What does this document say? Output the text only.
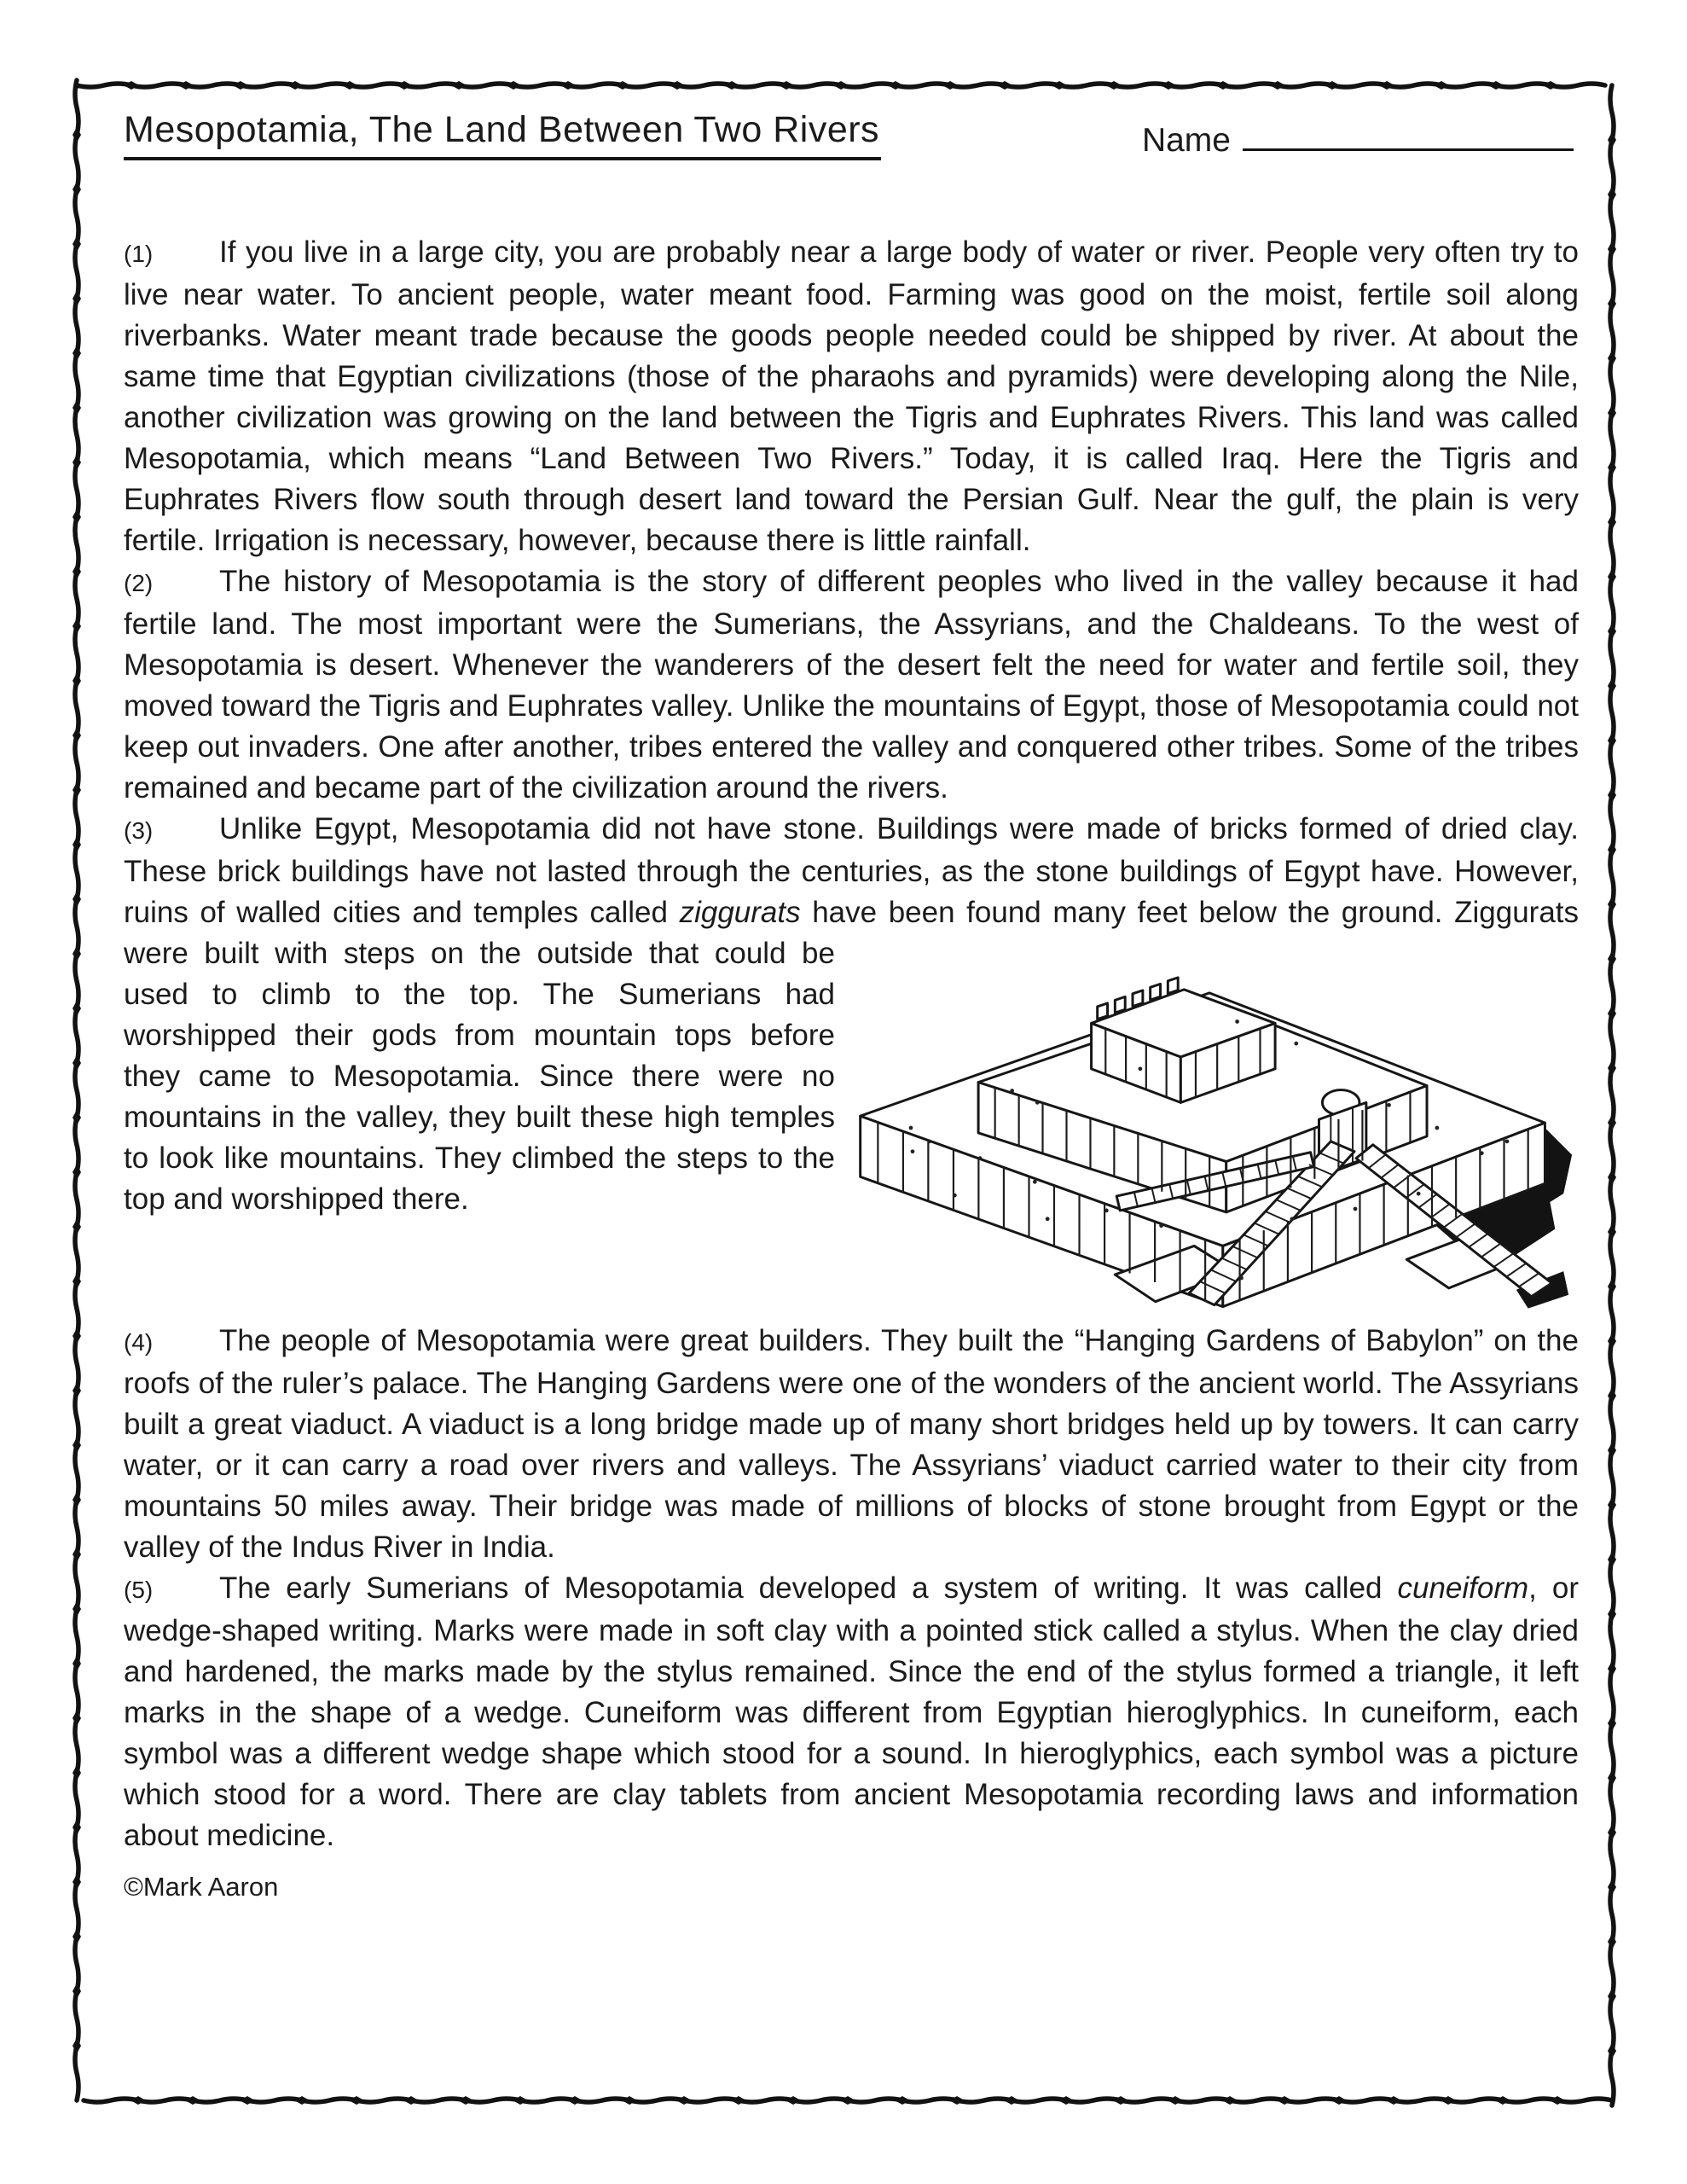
Mesopotamia, The Land Between Two Rivers	Name

(1) If you live in a large city, you are probably near a large body of water or river. People very often try to live near water. To ancient people, water meant food. Farming was good on the moist, fertile soil along riverbanks. Water meant trade because the goods people needed could be shipped by river. At about the same time that Egyptian civilizations (those of the pharaohs and pyramids) were developing along the Nile, another civilization was growing on the land between the Tigris and Euphrates Rivers. This land was called Mesopotamia, which means “Land Between Two Rivers.” Today, it is called Iraq. Here the Tigris and Euphrates Rivers flow south through desert land toward the Persian Gulf. Near the gulf, the plain is very fertile. Irrigation is necessary, however, because there is little rainfall.

(2) The history of Mesopotamia is the story of different peoples who lived in the valley because it had fertile land. The most important were the Sumerians, the Assyrians, and the Chaldeans. To the west of Mesopotamia is desert. Whenever the wanderers of the desert felt the need for water and fertile soil, they moved toward the Tigris and Euphrates valley. Unlike the mountains of Egypt, those of Mesopotamia could not keep out invaders. One after another, tribes entered the valley and conquered other tribes. Some of the tribes remained and became part of the civilization around the rivers.

(3) Unlike Egypt, Mesopotamia did not have stone. Buildings were made of bricks formed of dried clay. These brick buildings have not lasted through the centuries, as the stone buildings of Egypt have. However, ruins of walled cities and temples called ziggurats have been found many feet below the ground. Ziggurats were built with steps on the outside that could be used to climb to the top. The Sumerians had worshipped their gods from mountain tops before they came to Mesopotamia. Since there were no mountains in the valley, they built these high temples to look like mountains. They climbed the steps to the top and worshipped there.

(4) The people of Mesopotamia were great builders. They built the “Hanging Gardens of Babylon” on the roofs of the ruler’s palace. The Hanging Gardens were one of the wonders of the ancient world. The Assyrians built a great viaduct. A viaduct is a long bridge made up of many short bridges held up by towers. It can carry water, or it can carry a road over rivers and valleys. The Assyrians’ viaduct carried water to their city from mountains 50 miles away. Their bridge was made of millions of blocks of stone brought from Egypt or the valley of the Indus River in India.

(5) The early Sumerians of Mesopotamia developed a system of writing. It was called cuneiform, or wedge-shaped writing. Marks were made in soft clay with a pointed stick called a stylus. When the clay dried and hardened, the marks made by the stylus remained. Since the end of the stylus formed a triangle, it left marks in the shape of a wedge. Cuneiform was different from Egyptian hieroglyphics. In cuneiform, each symbol was a different wedge shape which stood for a sound. In hieroglyphics, each symbol was a picture which stood for a word. There are clay tablets from ancient Mesopotamia recording laws and information about medicine.

©Mark Aaron
